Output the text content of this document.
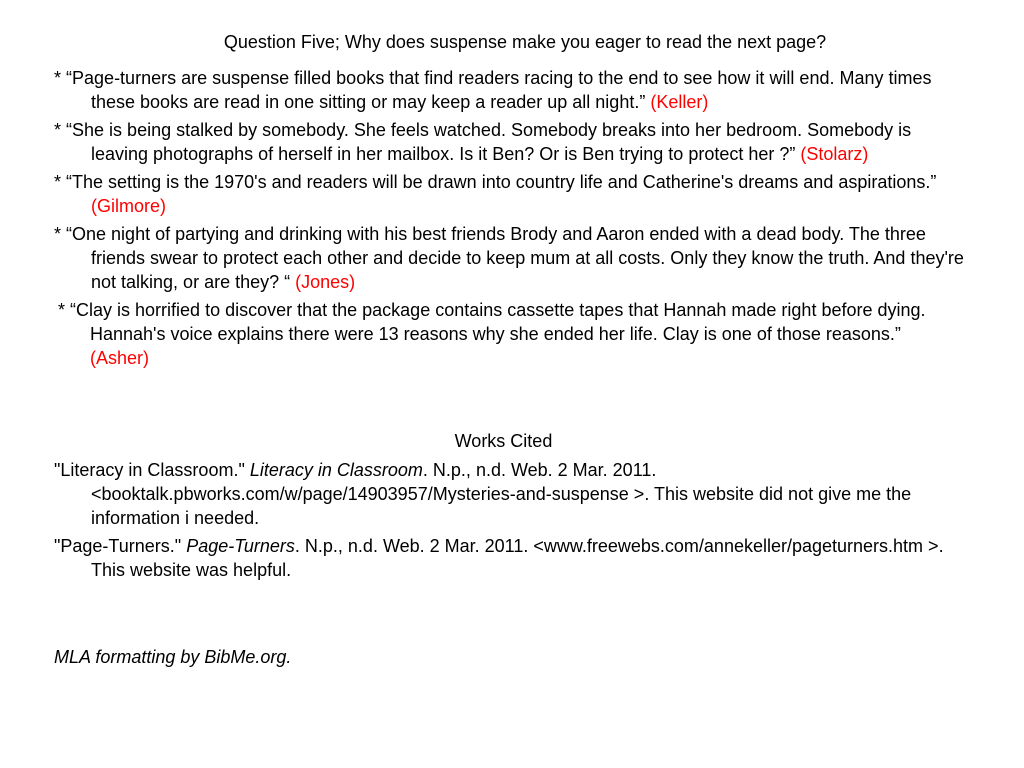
Question Five; Why does suspense make you eager to read the next page?

* “Page-turners are suspense filled books that find readers racing to the end to see how it will end. Many times these books are read in one sitting or may keep a reader up all night.” (Keller)

* “She is being stalked by somebody. She feels watched. Somebody breaks into her bedroom. Somebody is leaving photographs of herself in her mailbox. Is it Ben? Or is Ben trying to protect her ?” (Stolarz)

* “The setting is the 1970's and readers will be drawn into country life and Catherine's dreams and aspirations.” (Gilmore)

* “One night of partying and drinking with his best friends Brody and Aaron ended with a dead body. The three friends swear to protect each other and decide to keep mum at all costs. Only they know the truth. And they're not talking, or are they? “ (Jones)

* “Clay is horrified to discover that the package contains cassette tapes that Hannah made right before dying. Hannah's voice explains there were 13 reasons why she ended her life. Clay is one of those reasons.” (Asher)

Works Cited

"Literacy in Classroom." Literacy in Classroom. N.p., n.d. Web. 2 Mar. 2011. <booktalk.pbworks.com/w/page/14903957/Mysteries-and-suspense >. This website did not give me the information i needed.

"Page-Turners." Page-Turners. N.p., n.d. Web. 2 Mar. 2011. <www.freewebs.com/annekeller/pageturners.htm >. This website was helpful.

MLA formatting by BibMe.org.
